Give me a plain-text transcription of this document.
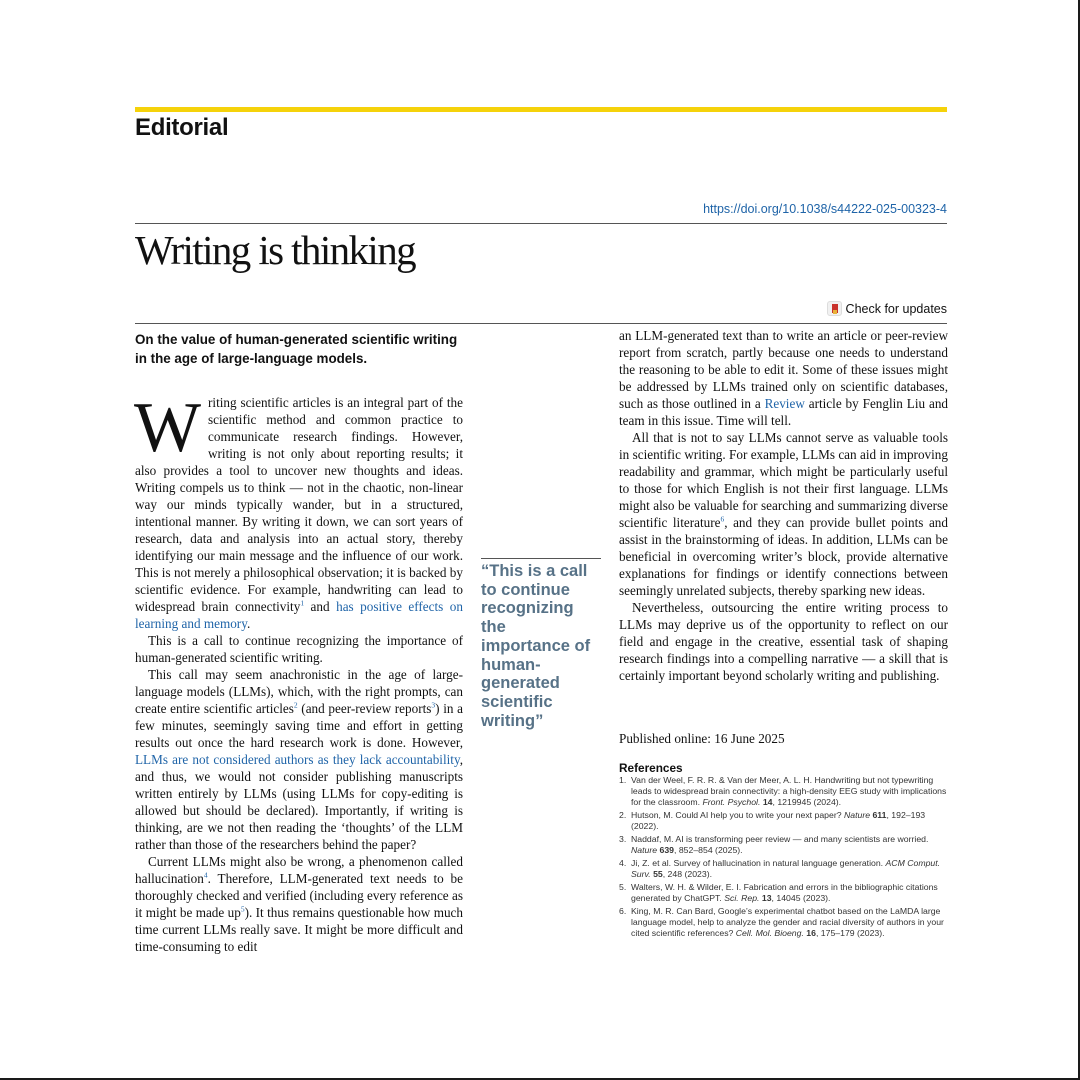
Editorial
https://doi.org/10.1038/s44222-025-00323-4
Writing is thinking
Check for updates
On the value of human-generated scientific writing in the age of large-language models.

Writing scientific articles is an integral part of the scientific method and common practice to communicate research findings. However, writing is not only about reporting results; it also provides a tool to uncover new thoughts and ideas. Writing compels us to think — not in the chaotic, non-linear way our minds typically wander, but in a structured, intentional manner. By writing it down, we can sort years of research, data and analysis into an actual story, thereby identifying our main message and the influence of our work. This is not merely a philosophical observation; it is backed by scientific evidence. For example, handwriting can lead to widespread brain connectivity$^1$ and has positive effects on learning and memory.

This is a call to continue recognizing the importance of human-generated scientific writing.

This call may seem anachronistic in the age of large-language models (LLMs), which, with the right prompts, can create entire scientific articles$^2$ (and peer-review reports$^3$) in a few minutes, seemingly saving time and effort in getting results out once the hard research work is done. However, LLMs are not considered authors as they lack accountability, and thus, we would not consider publishing manuscripts written entirely by LLMs (using LLMs for copy-editing is allowed but should be declared). Importantly, if writing is thinking, are we not then reading the ‘thoughts’ of the LLM rather than those of the researchers behind the paper?

Current LLMs might also be wrong, a phenomenon called hallucination$^4$. Therefore, LLM-generated text needs to be thoroughly checked and verified (including every reference as it might be made $up^5$). It thus remains questionable how much time current LLMs really save. It might be more difficult and time-consuming to edit

“This is a call to continue recognizing the importance of human-generated scientific writing”

an LLM-generated text than to write an article or peer-review report from scratch, partly because one needs to understand the reasoning to be able to edit it. Some of these issues might be addressed by LLMs trained only on scientific databases, such as those outlined in a Review article by Fenglin Liu and team in this issue. Time will tell.

All that is not to say LLMs cannot serve as valuable tools in scientific writing. For example, LLMs can aid in improving readability and grammar, which might be particularly useful to those for which English is not their first language. LLMs might also be valuable for searching and summarizing diverse scientific literature$^6$, and they can provide bullet points and assist in the brainstorming of ideas. In addition, LLMs can be beneficial in overcoming writer’s block, provide alternative explanations for findings or identify connections between seemingly unrelated subjects, thereby sparking new ideas.

Nevertheless, outsourcing the entire writing process to LLMs may deprive us of the opportunity to reflect on our field and engage in the creative, essential task of shaping research findings into a compelling narrative — a skill that is certainly important beyond scholarly writing and publishing.

Published online: 16 June 2025
References
1. Van der Weel, F. R. R. & Van der Meer, A. L. H. Handwriting but not typewriting leads to widespread brain connectivity: a high-density EEG study with implications for the classroom. Front. Psychol. 14, 1219945 (2024).
2. Hutson, M. Could AI help you to write your next paper? Nature 611, 192–193 (2022).
3. Naddaf, M. AI is transforming peer review — and many scientists are worried. Nature 639, 852–854 (2025).
4. Ji, Z. et al. Survey of hallucination in natural language generation. ACM Comput. Surv. 55, 248 (2023).
5. Walters, W. H. & Wilder, E. I. Fabrication and errors in the bibliographic citations generated by ChatGPT. Sci. Rep. 13, 14045 (2023).
6. King, M. R. Can Bard, Google’s experimental chatbot based on the LaMDA large language model, help to analyze the gender and racial diversity of authors in your cited scientific references? Cell. Mol. Bioeng. 16, 175–179 (2023).
